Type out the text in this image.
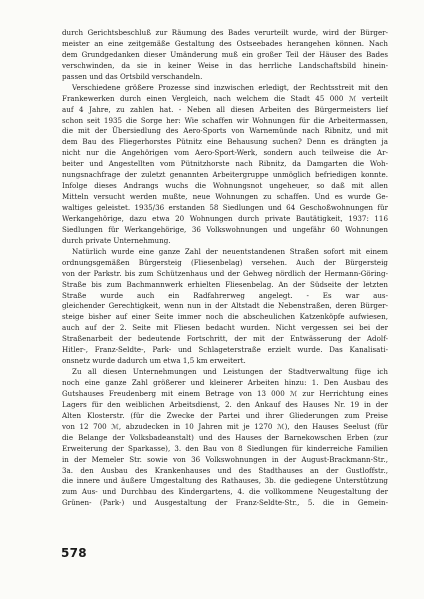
durch Gerichtsbeschluß zur Räumung des Bades verurteilt wurde, wird der Bürger-
meister an eine zeitgemäße Gestaltung des Ostseebades herangehen können. Nach
dem Grundgedanken dieser Umänderung muß ein großer Teil der Häuser des Bades
verschwinden, da sie in keiner Weise in das herrliche Landschaftsbild hinein-
passen und das Ortsbild verschandeln.
Verschiedene größere Prozesse sind inzwischen erledigt, der Rechtsstreit mit den
Frankewerken durch einen Vergleich, nach welchem die Stadt 45 000 ℳ verteilt
auf 4 Jahre, zu zahlen hat. - Neben all diesen Arbeiten des Bürgermeisters lief
schon seit 1935 die Sorge her: Wie schaffen wir Wohnungen für die Arbeitermassen,
die mit der Übersiedlung des Aero-Sports von Warnemünde nach Ribnitz, und mit
dem Bau des Fliegerhorstes Pütnitz eine Behausung suchen? Denn es drängten ja
nicht nur die Angehörigen vom Aero-Sport-Werk, sondern auch teilweise die Ar-
beiter und Angestellten vom Pütnitzhorste nach Ribnitz, da Damgarten die Woh-
nungsnachfrage der zuletzt genannten Arbeitergruppe unmöglich befriedigen konnte.
Infolge dieses Andrangs wuchs die Wohnungsnot ungeheuer, so daß mit allen
Mitteln versucht werden mußte, neue Wohnungen zu schaffen. Und es wurde Ge-
waltiges geleistet. 1935/36 erstanden 58 Siedlungen und 64 Geschoßwohnungen für
Werkangehörige, dazu etwa 20 Wohnungen durch private Bautätigkeit, 1937: 116
Siedlungen für Werkangehörige, 36 Volkswohnungen und ungefähr 60 Wohnungen
durch private Unternehmung.
Natürlich wurde eine ganze Zahl der neuentstandenen Straßen sofort mit einem
ordnungsgemäßen Bürgersteig (Fliesenbelag) versehen. Auch der Bürgersteig
von der Parkstr. bis zum Schützenhaus und der Gehweg nördlich der Hermann-Göring-
Straße bis zum Bachmannwerk erhielten Fliesenbelag. An der Südseite der letzten
Straße wurde auch ein Radfahrerweg angelegt. - Es war aus-
gleichender Gerechtigkeit, wenn nun in der Altstadt die Nebenstraßen, deren Bürger-
steige bisher auf einer Seite immer noch die abscheulichen Katzenköpfe aufwiesen,
auch auf der 2. Seite mit Fliesen bedacht wurden. Nicht vergessen sei bei der
Straßenarbeit der bedeutende Fortschritt, der mit der Entwässerung der Adolf-
Hitler-, Franz-Seldte-, Park- und Schlageterstraße erzielt wurde. Das Kanalisati-
onsnetz wurde dadurch um etwa 1,5 km erweitert.
Zu all diesen Unternehmungen und Leistungen der Stadtverwaltung füge ich
noch eine ganze Zahl größerer und kleinerer Arbeiten hinzu: 1. Den Ausbau des
Gutshauses Freudenberg mit einem Betrage von 13 000 ℳ zur Herrichtung eines
Lagers für den weiblichen Arbeitsdienst, 2. den Ankauf des Hauses Nr. 19 in der
Alten Klosterstr. (für die Zwecke der Partei und ihrer Gliederungen zum Preise
von 12 700 ℳ, abzudecken in 10 Jahren mit je 1270 ℳ), den Hauses Seelust (für
die Belange der Volksbadeanstalt) und des Hauses der Barnekowschen Erben (zur
Erweiterung der Sparkasse), 3. den Bau von 8 Siedlungen für kinderreiche Familien
in der Memeler Str. sowie von 36 Volkswohnungen in der August-Brackmann-Str.,
3a. den Ausbau des Krankenhauses und des Stadthauses an der Gustloffstr.,
die innere und äußere Umgestaltung des Rathauses, 3b. die gediegene Unterstützung
zum Aus- und Durchbau des Kindergartens, 4. die vollkommene Neugestaltung der
Grünen- (Park-) und Ausgestaltung der Franz-Seldte-Str., 5. die in Gemein-
578
